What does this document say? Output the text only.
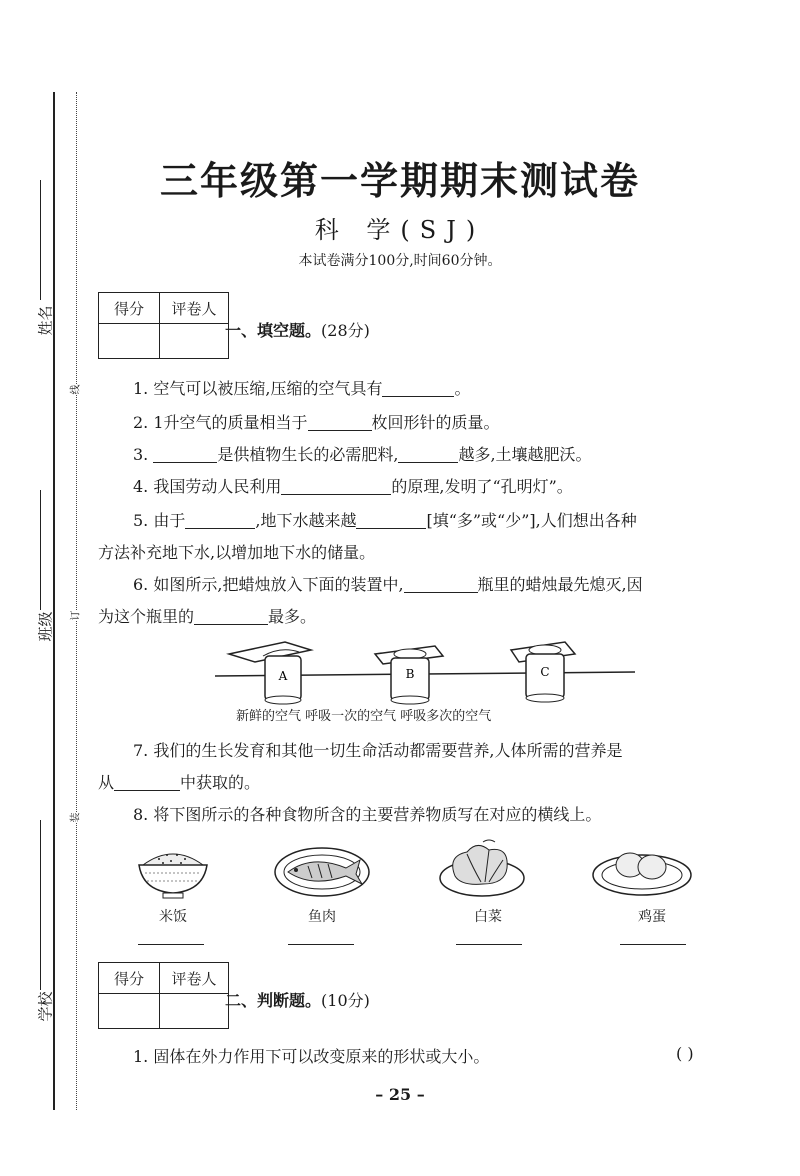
姓名
班级
学校
线
订
装
三年级第一学期期末测试卷
科 学(SJ)
本试卷满分100分,时间60分钟。
得分	评卷人

一、填空题。(28分)
1. 空气可以被压缩,压缩的空气具有	。
2. 1升空气的质量相当于	枚回形针的质量。
3.	是供植物生长的必需肥料,	越多,土壤越肥沃。
4. 我国劳动人民利用	的原理,发明了“孔明灯”。
5. 由于	,地下水越来越	[填“多”或“少”],人们想出各种
方法补充地下水,以增加地下水的储量。
6. 如图所示,把蜡烛放入下面的装置中,	瓶里的蜡烛最先熄灭,因
为这个瓶里的	最多。
A	B	C
新鲜的空气 呼吸一次的空气 呼吸多次的空气
7. 我们的生长发育和其他一切生命活动都需要营养,人体所需的营养是
从	中获取的。
8. 将下图所示的各种食物所含的主要营养物质写在对应的横线上。
米饭	鱼肉	白菜	鸡蛋
得分	评卷人

二、判断题。(10分)
1. 固体在外力作用下可以改变原来的形状或大小。	( )
– 25 –
